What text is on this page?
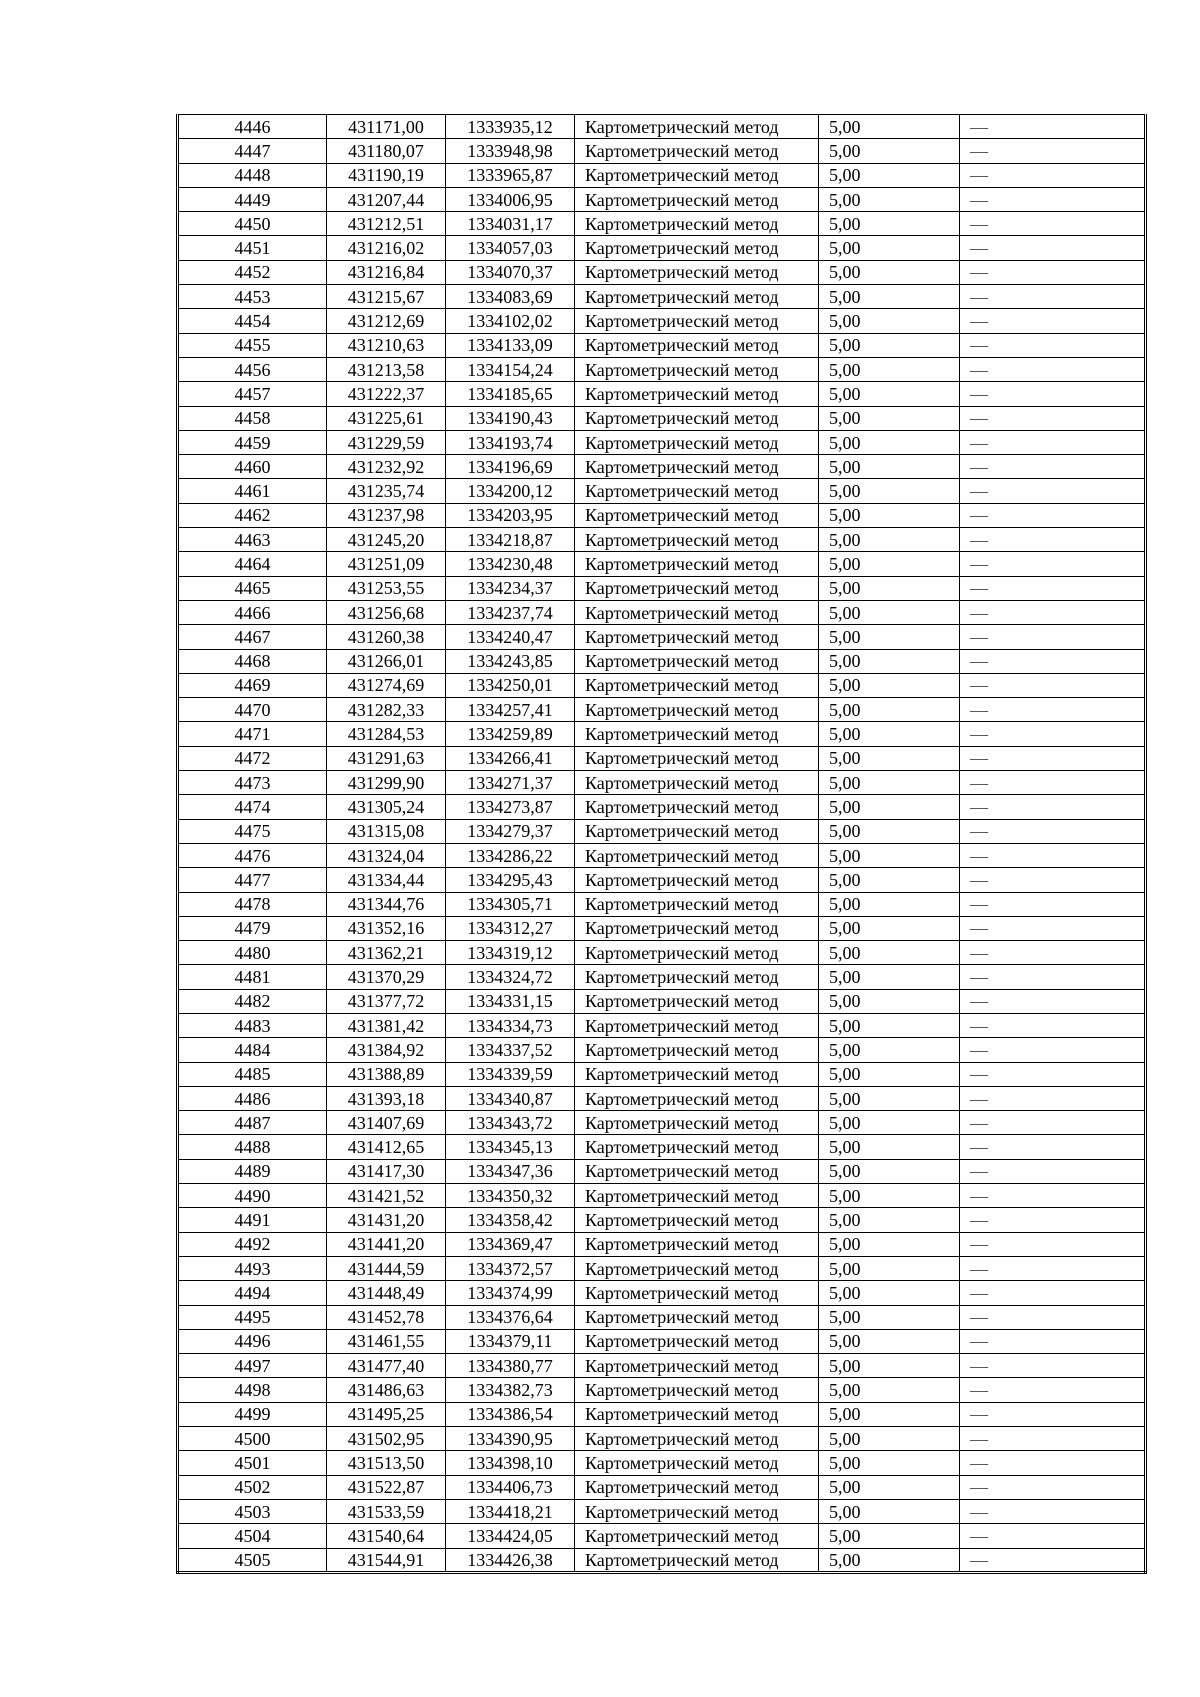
4446	431171,00	1333935,12	Картометрический метод	5,00	—
4447	431180,07	1333948,98	Картометрический метод	5,00	—
4448	431190,19	1333965,87	Картометрический метод	5,00	—
4449	431207,44	1334006,95	Картометрический метод	5,00	—
4450	431212,51	1334031,17	Картометрический метод	5,00	—
4451	431216,02	1334057,03	Картометрический метод	5,00	—
4452	431216,84	1334070,37	Картометрический метод	5,00	—
4453	431215,67	1334083,69	Картометрический метод	5,00	—
4454	431212,69	1334102,02	Картометрический метод	5,00	—
4455	431210,63	1334133,09	Картометрический метод	5,00	—
4456	431213,58	1334154,24	Картометрический метод	5,00	—
4457	431222,37	1334185,65	Картометрический метод	5,00	—
4458	431225,61	1334190,43	Картометрический метод	5,00	—
4459	431229,59	1334193,74	Картометрический метод	5,00	—
4460	431232,92	1334196,69	Картометрический метод	5,00	—
4461	431235,74	1334200,12	Картометрический метод	5,00	—
4462	431237,98	1334203,95	Картометрический метод	5,00	—
4463	431245,20	1334218,87	Картометрический метод	5,00	—
4464	431251,09	1334230,48	Картометрический метод	5,00	—
4465	431253,55	1334234,37	Картометрический метод	5,00	—
4466	431256,68	1334237,74	Картометрический метод	5,00	—
4467	431260,38	1334240,47	Картометрический метод	5,00	—
4468	431266,01	1334243,85	Картометрический метод	5,00	—
4469	431274,69	1334250,01	Картометрический метод	5,00	—
4470	431282,33	1334257,41	Картометрический метод	5,00	—
4471	431284,53	1334259,89	Картометрический метод	5,00	—
4472	431291,63	1334266,41	Картометрический метод	5,00	—
4473	431299,90	1334271,37	Картометрический метод	5,00	—
4474	431305,24	1334273,87	Картометрический метод	5,00	—
4475	431315,08	1334279,37	Картометрический метод	5,00	—
4476	431324,04	1334286,22	Картометрический метод	5,00	—
4477	431334,44	1334295,43	Картометрический метод	5,00	—
4478	431344,76	1334305,71	Картометрический метод	5,00	—
4479	431352,16	1334312,27	Картометрический метод	5,00	—
4480	431362,21	1334319,12	Картометрический метод	5,00	—
4481	431370,29	1334324,72	Картометрический метод	5,00	—
4482	431377,72	1334331,15	Картометрический метод	5,00	—
4483	431381,42	1334334,73	Картометрический метод	5,00	—
4484	431384,92	1334337,52	Картометрический метод	5,00	—
4485	431388,89	1334339,59	Картометрический метод	5,00	—
4486	431393,18	1334340,87	Картометрический метод	5,00	—
4487	431407,69	1334343,72	Картометрический метод	5,00	—
4488	431412,65	1334345,13	Картометрический метод	5,00	—
4489	431417,30	1334347,36	Картометрический метод	5,00	—
4490	431421,52	1334350,32	Картометрический метод	5,00	—
4491	431431,20	1334358,42	Картометрический метод	5,00	—
4492	431441,20	1334369,47	Картометрический метод	5,00	—
4493	431444,59	1334372,57	Картометрический метод	5,00	—
4494	431448,49	1334374,99	Картометрический метод	5,00	—
4495	431452,78	1334376,64	Картометрический метод	5,00	—
4496	431461,55	1334379,11	Картометрический метод	5,00	—
4497	431477,40	1334380,77	Картометрический метод	5,00	—
4498	431486,63	1334382,73	Картометрический метод	5,00	—
4499	431495,25	1334386,54	Картометрический метод	5,00	—
4500	431502,95	1334390,95	Картометрический метод	5,00	—
4501	431513,50	1334398,10	Картометрический метод	5,00	—
4502	431522,87	1334406,73	Картометрический метод	5,00	—
4503	431533,59	1334418,21	Картометрический метод	5,00	—
4504	431540,64	1334424,05	Картометрический метод	5,00	—
4505	431544,91	1334426,38	Картометрический метод	5,00	—
